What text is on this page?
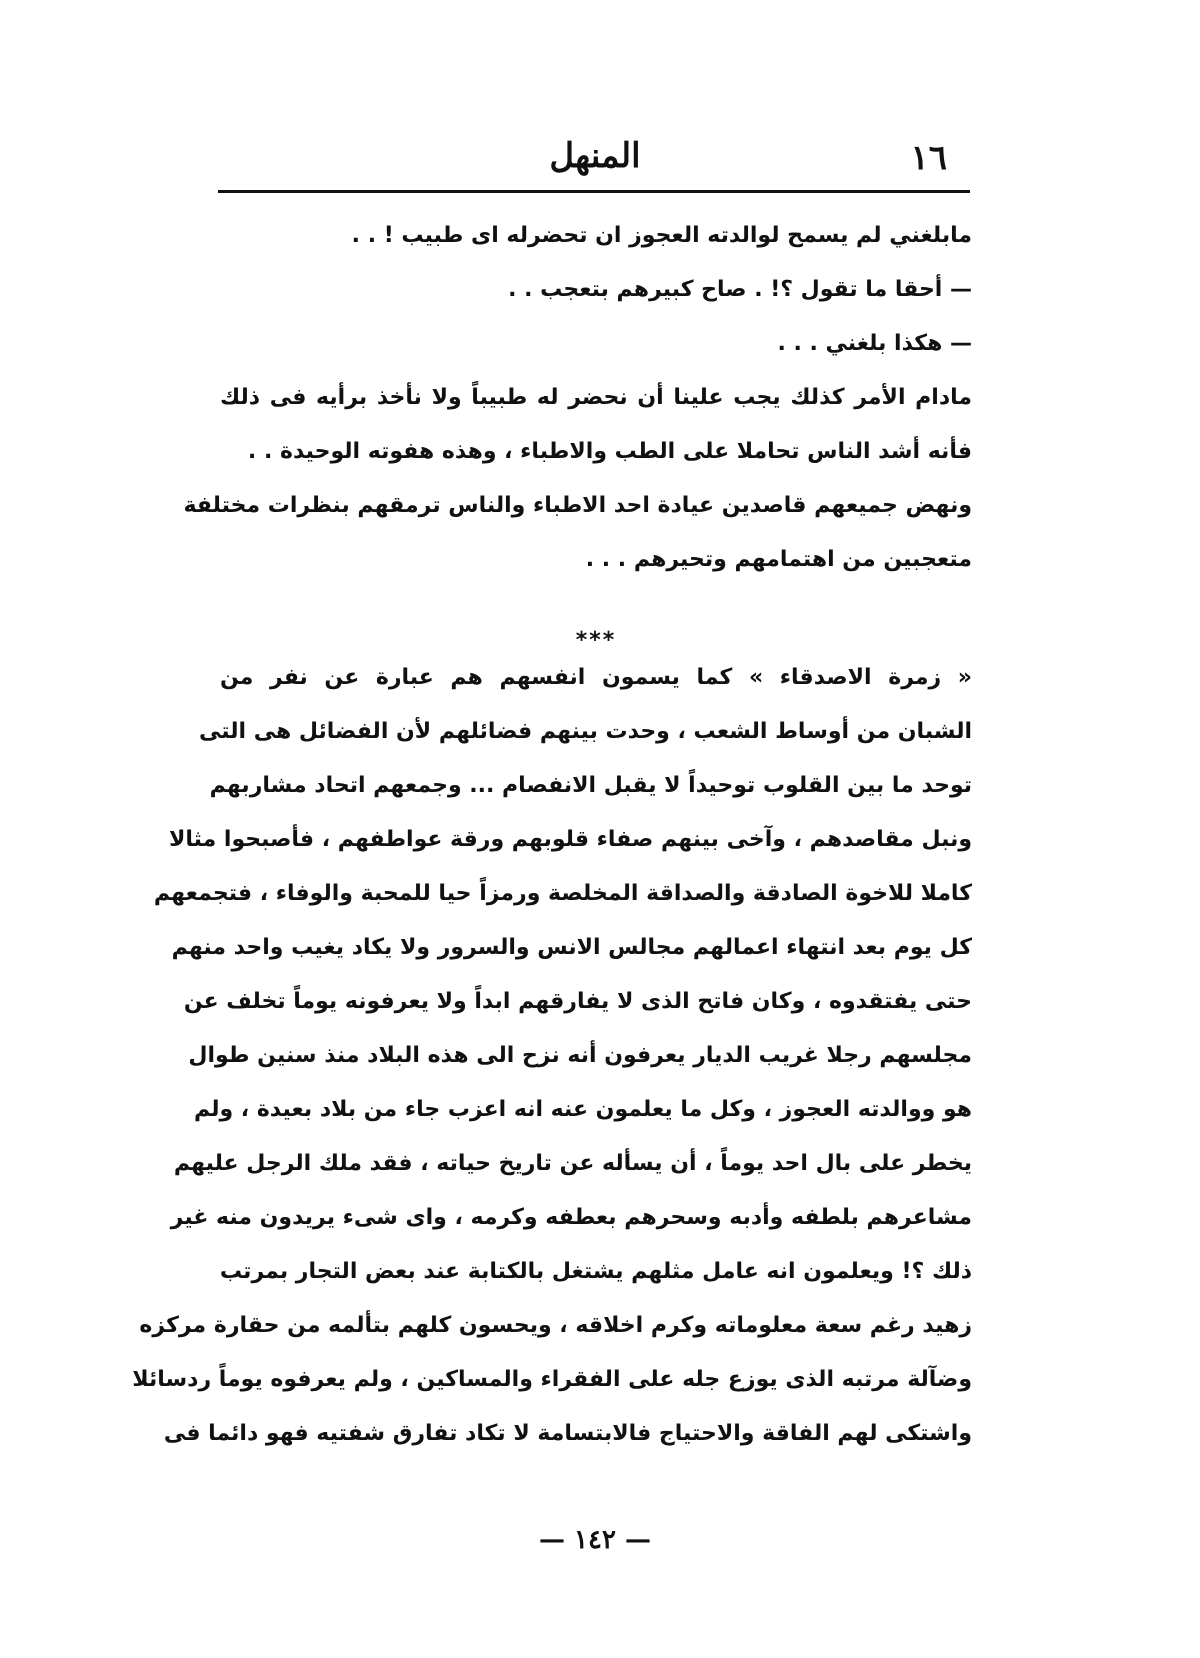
١٦
المنهل
مابلغني لم يسمح لوالدته العجوز ان تحضرله اى طبيب ! . .
— أحقا ما تقول ؟! . صاح كبيرهم بتعجب . .
— هكذا بلغني . . .
مادام الأمر كذلك يجب علينا أن نحضر له طبيباً ولا نأخذ برأيه فى ذلك
فأنه أشد الناس تحاملا على الطب والاطباء ، وهذه هفوته الوحيدة . .
ونهض جميعهم قاصدين عيادة احد الاطباء والناس ترمقهم بنظرات مختلفة
متعجبين من اهتمامهم وتحيرهم . . .
***
« زمرة الاصدقاء » كما يسمون انفسهم هم عبارة عن نفر من
الشبان من أوساط الشعب ، وحدت بينهم فضائلهم لأن الفضائل هى التى
توحد ما بين القلوب توحيداً لا يقبل الانفصام ... وجمعهم اتحاد مشاربهم
ونبل مقاصدهم ، وآخى بينهم صفاء قلوبهم ورقة عواطفهم ، فأصبحوا مثالا
كاملا للاخوة الصادقة والصداقة المخلصة ورمزاً حيا للمحبة والوفاء ، فتجمعهم
كل يوم بعد انتهاء اعمالهم مجالس الانس والسرور ولا يكاد يغيب واحد منهم
حتى يفتقدوه ، وكان فاتح الذى لا يفارقهم ابداً ولا يعرفونه يوماً تخلف عن
مجلسهم رجلا غريب الديار يعرفون أنه نزح الى هذه البلاد منذ سنين طوال
هو ووالدته العجوز ، وكل ما يعلمون عنه انه اعزب جاء من بلاد بعيدة ، ولم
يخطر على بال احد يوماً ، أن يسأله عن تاريخ حياته ، فقد ملك الرجل عليهم
مشاعرهم بلطفه وأدبه وسحرهم بعطفه وكرمه ، واى شىء يريدون منه غير
ذلك ؟! ويعلمون انه عامل مثلهم يشتغل بالكتابة عند بعض التجار بمرتب
زهيد رغم سعة معلوماته وكرم اخلاقه ، ويحسون كلهم بتألمه من حقارة مركزه
وضآلة مرتبه الذى يوزع جله على الفقراء والمساكين ، ولم يعرفوه يوماً ردسائلا
واشتكى لهم الفاقة والاحتياج فالابتسامة لا تكاد تفارق شفتيه فهو دائما فى
— ١٤٢ —
